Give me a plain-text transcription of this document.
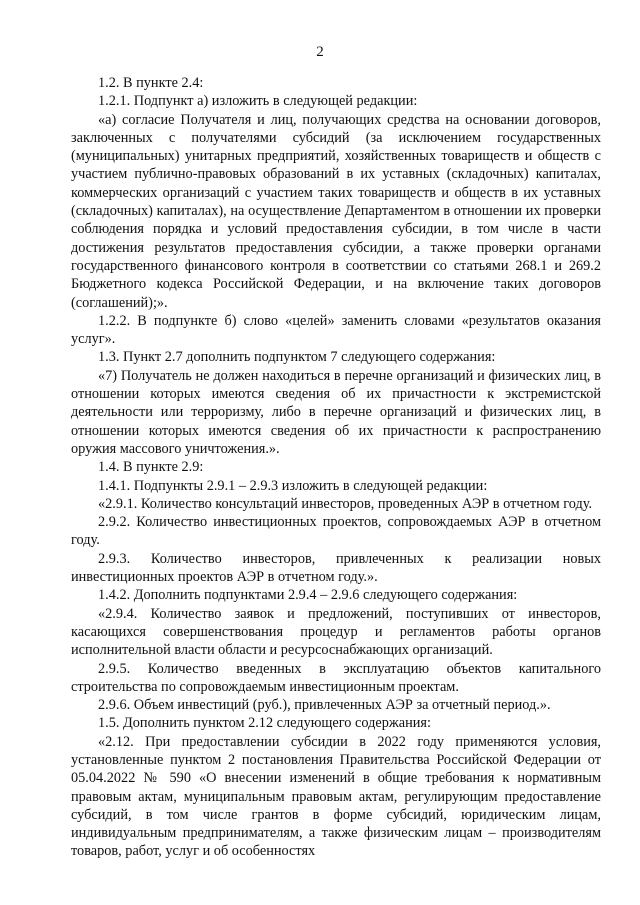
2

1.2. В пункте 2.4:

1.2.1. Подпункт а) изложить в следующей редакции:

«а) согласие Получателя и лиц, получающих средства на основании договоров, заключенных с получателями субсидий (за исключением государственных (муниципальных) унитарных предприятий, хозяйственных товариществ и обществ с участием публично-правовых образований в их уставных (складочных) капиталах, коммерческих организаций с участием таких товариществ и обществ в их уставных (складочных) капиталах), на осуществление Департаментом в отношении их проверки соблюдения порядка и условий предоставления субсидии, в том числе в части достижения результатов предоставления субсидии, а также проверки органами государственного финансового контроля в соответствии со статьями 268.1 и 269.2 Бюджетного кодекса Российской Федерации, и на включение таких договоров (соглашений);».

1.2.2. В подпункте б) слово «целей» заменить словами «результатов оказания услуг».

1.3. Пункт 2.7 дополнить подпунктом 7 следующего содержания:

«7) Получатель не должен находиться в перечне организаций и физических лиц, в отношении которых имеются сведения об их причастности к экстремистской деятельности или терроризму, либо в перечне организаций и физических лиц, в отношении которых имеются сведения об их причастности к распространению оружия массового уничтожения.».

1.4. В пункте 2.9:

1.4.1. Подпункты 2.9.1 – 2.9.3 изложить в следующей редакции:

«2.9.1. Количество консультаций инвесторов, проведенных АЭР в отчетном году.

2.9.2. Количество инвестиционных проектов, сопровождаемых АЭР в отчетном году.

2.9.3. Количество инвесторов, привлеченных к реализации новых инвестиционных проектов АЭР в отчетном году.».

1.4.2. Дополнить подпунктами 2.9.4 – 2.9.6 следующего содержания:

«2.9.4. Количество заявок и предложений, поступивших от инвесторов, касающихся совершенствования процедур и регламентов работы органов исполнительной власти области и ресурсоснабжающих организаций.

2.9.5. Количество введенных в эксплуатацию объектов капитального строительства по сопровождаемым инвестиционным проектам.

2.9.6. Объем инвестиций (руб.), привлеченных АЭР за отчетный период.».

1.5. Дополнить пунктом 2.12 следующего содержания:

«2.12. При предоставлении субсидии в 2022 году применяются условия, установленные пунктом 2 постановления Правительства Российской Федерации от 05.04.2022 № 590 «О внесении изменений в общие требования к нормативным правовым актам, муниципальным правовым актам, регулирующим предоставление субсидий, в том числе грантов в форме субсидий, юридическим лицам, индивидуальным предпринимателям, а также физическим лицам – производителям товаров, работ, услуг и об особенностях
